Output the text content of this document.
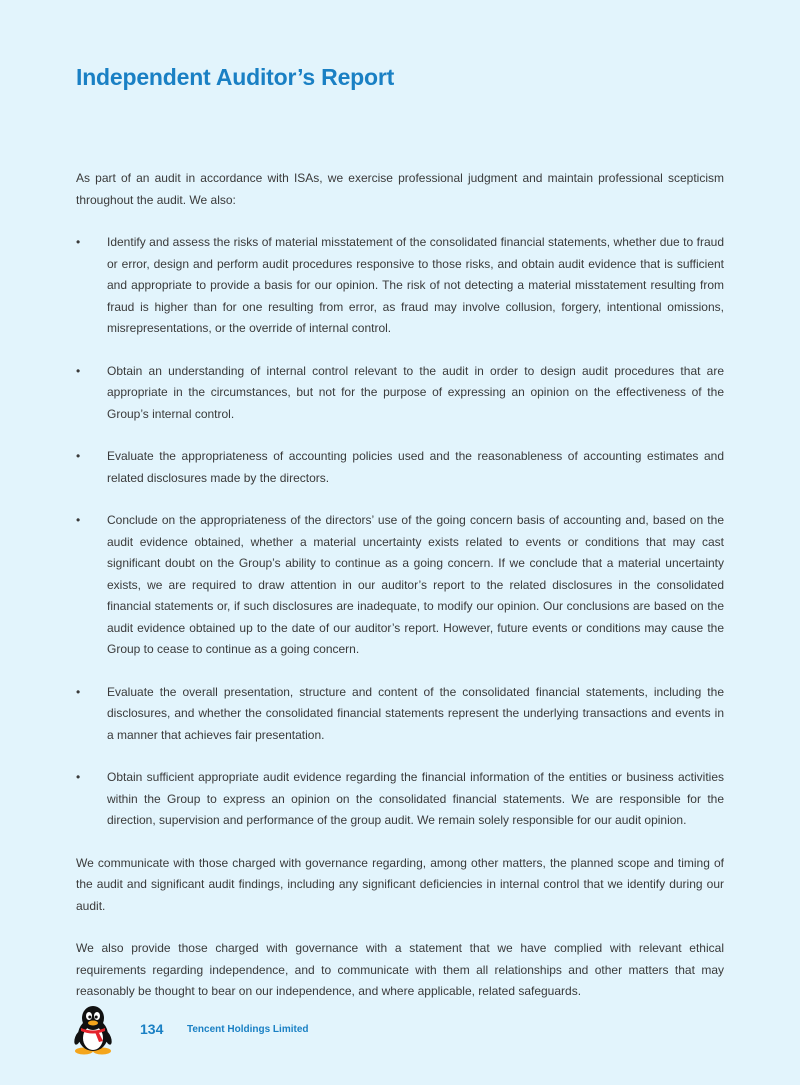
Independent Auditor’s Report

As part of an audit in accordance with ISAs, we exercise professional judgment and maintain professional scepticism throughout the audit. We also:

•	Identify and assess the risks of material misstatement of the consolidated financial statements, whether due to fraud or error, design and perform audit procedures responsive to those risks, and obtain audit evidence that is sufficient and appropriate to provide a basis for our opinion. The risk of not detecting a material misstatement resulting from fraud is higher than for one resulting from error, as fraud may involve collusion, forgery, intentional omissions, misrepresentations, or the override of internal control.
•	Obtain an understanding of internal control relevant to the audit in order to design audit procedures that are appropriate in the circumstances, but not for the purpose of expressing an opinion on the effectiveness of the Group’s internal control.
•	Evaluate the appropriateness of accounting policies used and the reasonableness of accounting estimates and related disclosures made by the directors.
•	Conclude on the appropriateness of the directors’ use of the going concern basis of accounting and, based on the audit evidence obtained, whether a material uncertainty exists related to events or conditions that may cast significant doubt on the Group’s ability to continue as a going concern. If we conclude that a material uncertainty exists, we are required to draw attention in our auditor’s report to the related disclosures in the consolidated financial statements or, if such disclosures are inadequate, to modify our opinion. Our conclusions are based on the audit evidence obtained up to the date of our auditor’s report. However, future events or conditions may cause the Group to cease to continue as a going concern.
•	Evaluate the overall presentation, structure and content of the consolidated financial statements, including the disclosures, and whether the consolidated financial statements represent the underlying transactions and events in a manner that achieves fair presentation.
•	Obtain sufficient appropriate audit evidence regarding the financial information of the entities or business activities within the Group to express an opinion on the consolidated financial statements. We are responsible for the direction, supervision and performance of the group audit. We remain solely responsible for our audit opinion.

We communicate with those charged with governance regarding, among other matters, the planned scope and timing of the audit and significant audit findings, including any significant deficiencies in internal control that we identify during our audit.

We also provide those charged with governance with a statement that we have complied with relevant ethical requirements regarding independence, and to communicate with them all relationships and other matters that may reasonably be thought to bear on our independence, and where applicable, related safeguards.

134 Tencent Holdings Limited
